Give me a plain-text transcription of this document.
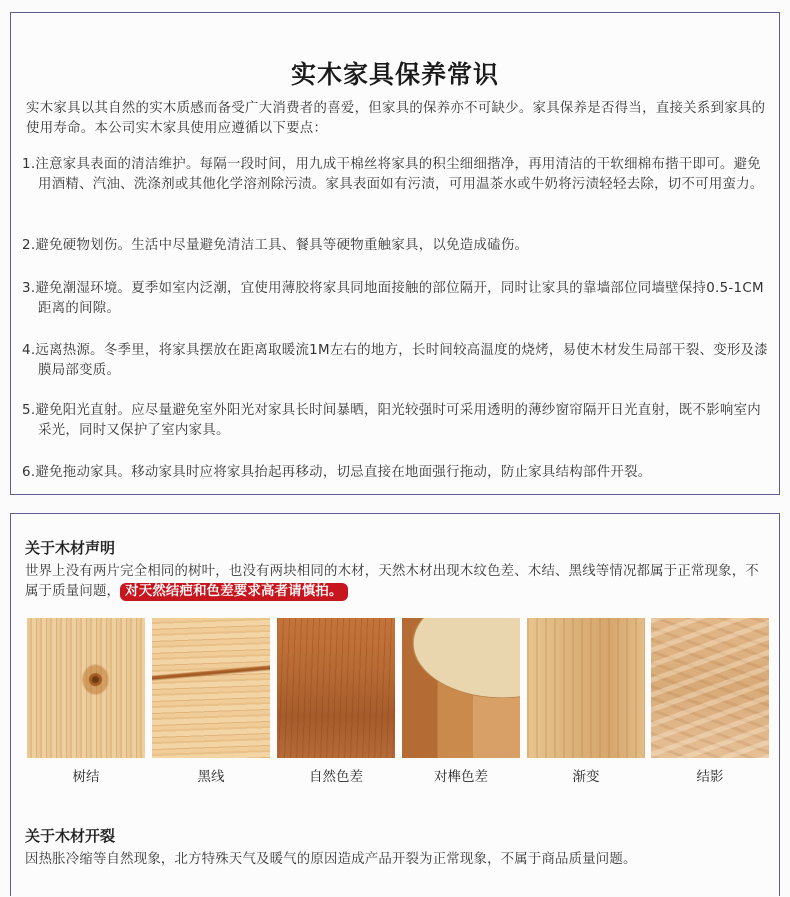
实木家具保养常识
实木家具以其自然的实木质感而备受广大消费者的喜爱，但家具的保养亦不可缺少。家具保养是否得当，直接关系到家具的使用寿命。本公司实木家具使用应遵循以下要点：
1.注意家具表面的清洁维护。每隔一段时间，用九成干棉丝将家具的积尘细细揩净，再用清洁的干软细棉布揩干即可。避免用酒精、汽油、洗涤剂或其他化学溶剂除污渍。家具表面如有污渍，可用温茶水或牛奶将污渍轻轻去除，切不可用蛮力。
2.避免硬物划伤。生活中尽量避免清洁工具、餐具等硬物重触家具，以免造成磕伤。
3.避免潮湿环境。夏季如室内泛潮，宜使用薄胶将家具同地面接触的部位隔开，同时让家具的靠墙部位同墙壁保持0.5-1CM距离的间隙。
4.远离热源。冬季里，将家具摆放在距离取暖流1M左右的地方，长时间较高温度的烧烤，易使木材发生局部干裂、变形及漆膜局部变质。
5.避免阳光直射。应尽量避免室外阳光对家具长时间暴晒，阳光较强时可采用透明的薄纱窗帘隔开日光直射，既不影响室内采光，同时又保护了室内家具。
6.避免拖动家具。移动家具时应将家具抬起再移动，切忌直接在地面强行拖动，防止家具结构部件开裂。
关于木材声明
世界上没有两片完全相同的树叶，也没有两块相同的木材，天然木材出现木纹色差、木结、黑线等情况都属于正常现象，不属于质量问题， 对天然结疤和色差要求高者请慎拍。
树结	黑线	自然色差	对榫色差	渐变	结影
关于木材开裂
因热胀冷缩等自然现象，北方特殊天气及暖气的原因造成产品开裂为正常现象，不属于商品质量问题。
